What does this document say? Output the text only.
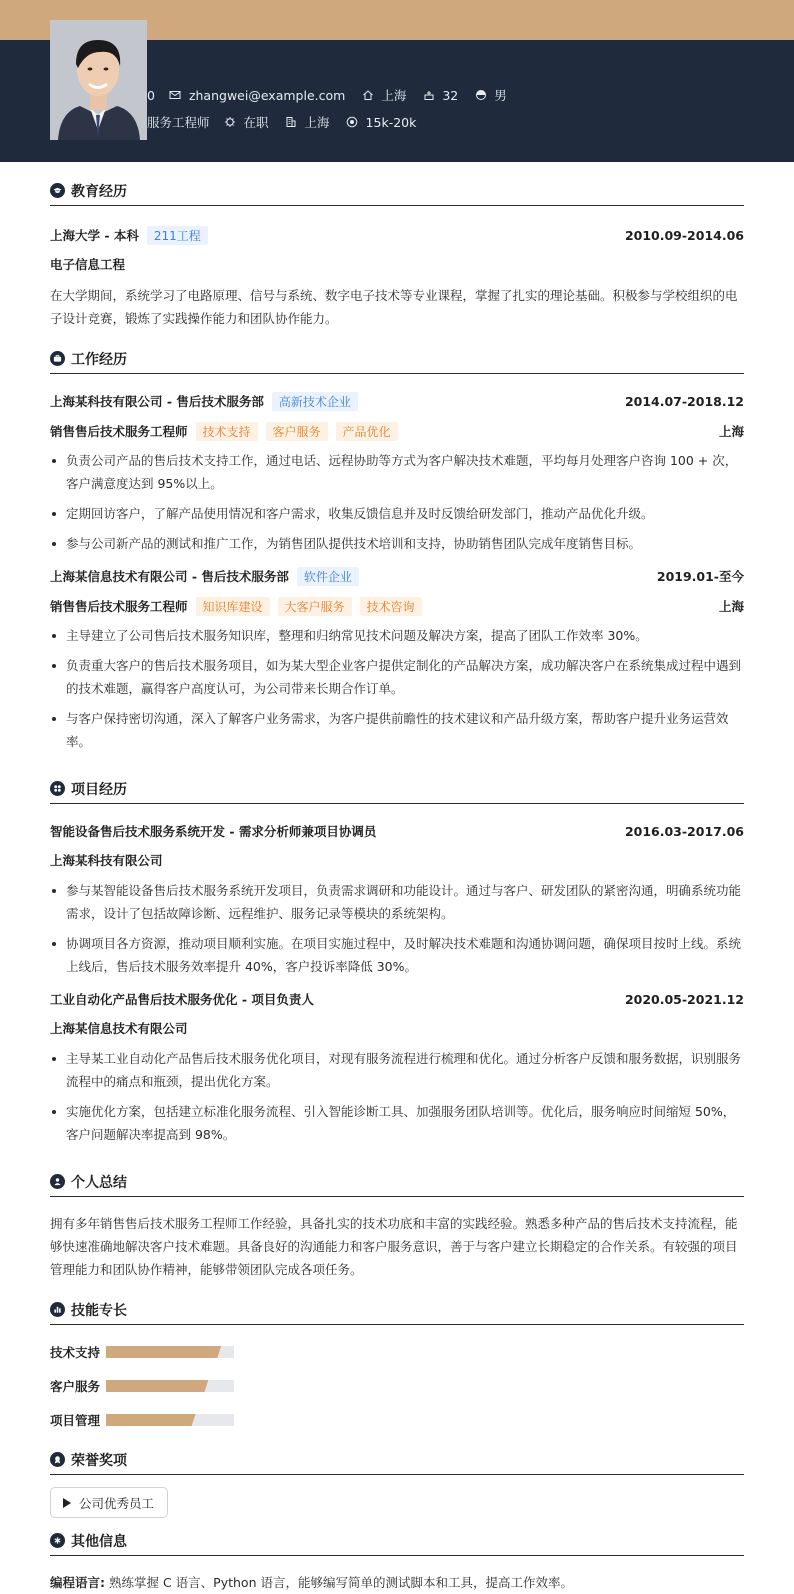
0	zhangwei@example.com	上海	32	男
服务工程师	在职	上海	15k-20k
教育经历
上海大学 - 本科 211工程	2010.09-2014.06
电子信息工程
在大学期间，系统学习了电路原理、信号与系统、数字电子技术等专业课程，掌握了扎实的理论基础。积极参与学校组织的电子设计竞赛，锻炼了实践操作能力和团队协作能力。
工作经历
上海某科技有限公司 - 售后技术服务部 高新技术企业	2014.07-2018.12
销售售后技术服务工程师 技术支持 客户服务 产品优化	上海
负责公司产品的售后技术支持工作，通过电话、远程协助等方式为客户解决技术难题，平均每月处理客户咨询 100 + 次，客户满意度达到 95%以上。
定期回访客户，了解产品使用情况和客户需求，收集反馈信息并及时反馈给研发部门，推动产品优化升级。
参与公司新产品的测试和推广工作，为销售团队提供技术培训和支持，协助销售团队完成年度销售目标。
上海某信息技术有限公司 - 售后技术服务部 软件企业	2019.01-至今
销售售后技术服务工程师 知识库建设 大客户服务 技术咨询	上海
主导建立了公司售后技术服务知识库，整理和归纳常见技术问题及解决方案，提高了团队工作效率 30%。
负责重大客户的售后技术服务项目，如为某大型企业客户提供定制化的产品解决方案，成功解决客户在系统集成过程中遇到的技术难题，赢得客户高度认可，为公司带来长期合作订单。
与客户保持密切沟通，深入了解客户业务需求，为客户提供前瞻性的技术建议和产品升级方案，帮助客户提升业务运营效率。
项目经历
智能设备售后技术服务系统开发 - 需求分析师兼项目协调员	2016.03-2017.06
上海某科技有限公司
参与某智能设备售后技术服务系统开发项目，负责需求调研和功能设计。通过与客户、研发团队的紧密沟通，明确系统功能需求，设计了包括故障诊断、远程维护、服务记录等模块的系统架构。
协调项目各方资源，推动项目顺利实施。在项目实施过程中，及时解决技术难题和沟通协调问题，确保项目按时上线。系统上线后，售后技术服务效率提升 40%，客户投诉率降低 30%。
工业自动化产品售后技术服务优化 - 项目负责人	2020.05-2021.12
上海某信息技术有限公司
主导某工业自动化产品售后技术服务优化项目，对现有服务流程进行梳理和优化。通过分析客户反馈和服务数据，识别服务流程中的痛点和瓶颈，提出优化方案。
实施优化方案，包括建立标准化服务流程、引入智能诊断工具、加强服务团队培训等。优化后，服务响应时间缩短 50%，客户问题解决率提高到 98%。
个人总结
拥有多年销售售后技术服务工程师工作经验，具备扎实的技术功底和丰富的实践经验。熟悉多种产品的售后技术支持流程，能够快速准确地解决客户技术难题。具备良好的沟通能力和客户服务意识，善于与客户建立长期稳定的合作关系。有较强的项目管理能力和团队协作精神，能够带领团队完成各项任务。
技能专长
技术支持
客户服务
项目管理
荣誉奖项
公司优秀员工
其他信息
编程语言: 熟练掌握 C 语言、Python 语言，能够编写简单的测试脚本和工具，提高工作效率。
